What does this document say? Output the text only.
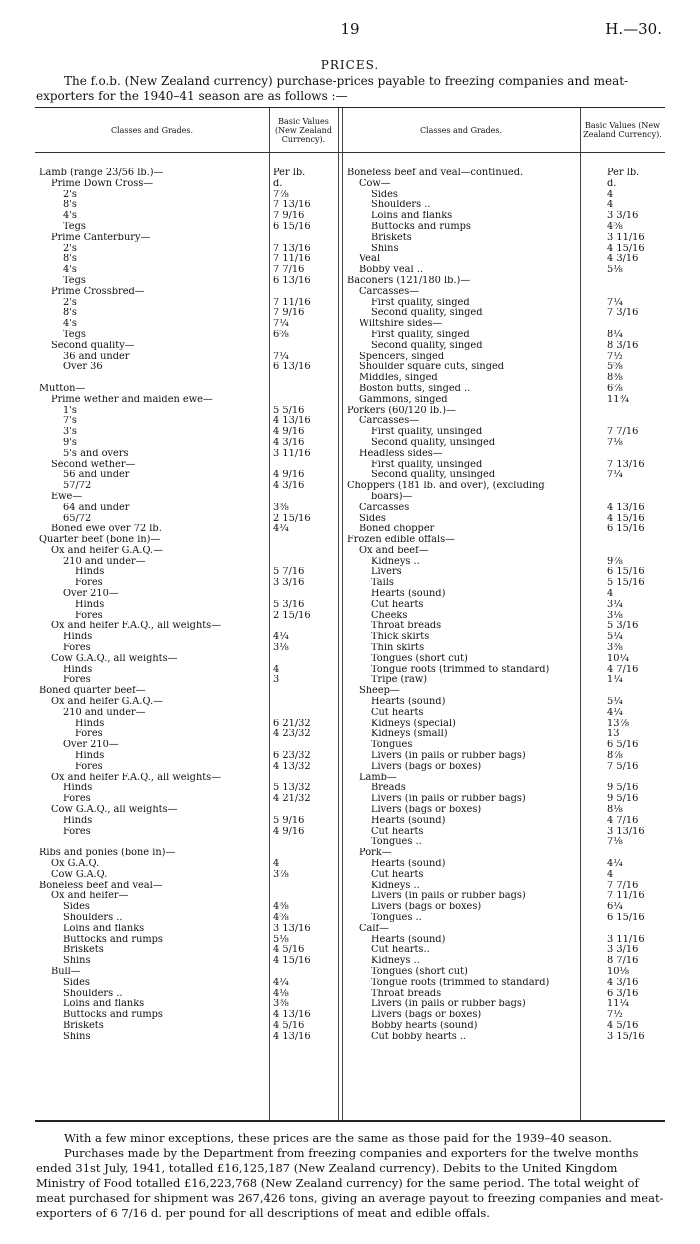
19	H.—30.
PRICES.
The f.o.b. (New Zealand currency) purchase-prices payable to freezing companies and meat-exporters for the 1940–41 season are as follows :—
Classes and Grades.
Basic Values (New Zealand Currency).
Classes and Grades.	Basic Values (New Zealand Currency).
Lamb (range 23/56 lb.)—
Prime Down Cross—
2's
8's
4's
Tegs
Prime Canterbury—
2's
8's
4's
Tegs
Prime Crossbred—
2's
8's
4's
Tegs
Second quality—
36 and under
Over 36
Mutton—
Prime wether and maiden ewe—
1's
7's
3's
9's
5's and overs
Second wether—
56 and under
57/72
Ewe—
64 and under
65/72
Boned ewe over 72 lb.
Quarter beef (bone in)—
Ox and heifer G.A.Q.—
210 and under—
Hinds
Fores
Over 210—
Hinds
Fores
Ox and heifer F.A.Q., all weights—
Hinds
Fores
Cow G.A.Q., all weights—
Hinds
Fores
Boned quarter beef—
Ox and heifer G.A.Q.—
210 and under—
Hinds
Fores
Over 210—
Hinds
Fores
Ox and heifer F.A.Q., all weights—
Hinds
Fores
Cow G.A.Q., all weights—
Hinds
Fores
Ribs and ponies (bone in)—
Ox G.A.Q.
Cow G.A.Q.
Boneless beef and veal—
Ox and heifer—
Sides
Shoulders ..
Loins and flanks
Buttocks and rumps
Briskets
Shins
Bull—
Sides
Shoulders ..
Loins and flanks
Buttocks and rumps
Briskets
Shins
Per lb.
d.
7⅞
7 13/16
7 9/16
6 15/16
7 13/16
7 11/16
7 7/16
6 13/16
7 11/16
7 9/16
7¼
6⅝
7¼
6 13/16
5 5/16
4 13/16
4 9/16
4 3/16
3 11/16
4 9/16
4 3/16
3⅜
2 15/16
4¼
5 7/16
3 3/16
5 3/16
2 15/16
4¼
3⅛
4
3
6 21/32
4 23/32
6 23/32
4 13/32
5 13/32
4 21/32
5 9/16
4 9/16
4
3⅞
4⅜
4⅝
3 13/16
5⅛
4 5/16
4 15/16
4¼
4⅛
3⅜
4 13/16
4 5/16
4 13/16
Boneless beef and veal—continued.
Cow—
Sides
Shoulders ..
Loins and flanks
Buttocks and rumps
Briskets
Shins
Veal
Bobby veal ..
Baconers (121/180 lb.)—
Carcasses—
First quality, singed
Second quality, singed
Wiltshire sides—
First quality, singed
Second quality, singed
Spencers, singed
Shoulder square cuts, singed
Middles, singed
Boston butts, singed ..
Gammons, singed
Porkers (60/120 lb.)—
Carcasses—
First quality, unsinged
Second quality, unsinged
Headless sides—
First quality, unsinged
Second quality, unsinged
Choppers (181 lb. and over), (excluding
boars)—
Carcasses
Sides
Boned chopper
Frozen edible offals—
Ox and beef—
Kidneys ..
Livers
Tails
Hearts (sound)
Cut hearts
Cheeks
Throat breads
Thick skirts
Thin skirts
Tongues (short cut)
Tongue roots (trimmed to standard)
Tripe (raw)
Sheep—
Hearts (sound)
Cut hearts
Kidneys (special)
Kidneys (small)
Tongues
Livers (in pails or rubber bags)
Livers (bags or boxes)
Lamb—
Breads
Livers (in pails or rubber bags)
Livers (bags or boxes)
Hearts (sound)
Cut hearts
Tongues ..
Pork—
Hearts (sound)
Cut hearts
Kidneys ..
Livers (in pails or rubber bags)
Livers (bags or boxes)
Tongues ..
Calf—
Hearts (sound)
Cut hearts..
Kidneys ..
Tongues (short cut)
Tongue roots (trimmed to standard)
Throat breads
Livers (in pails or rubber bags)
Livers (bags or boxes)
Bobby hearts (sound)
Cut bobby hearts ..
Per lb.
d.
4
4
3 3/16
4⅝
3 11/16
4 15/16
4 3/16
5⅛
7¼
7 3/16
8¼
8 3/16
7½
5⅝
8⅜
6⅞
11¾
7 7/16
7⅛
7 13/16
7¼
4 13/16
4 15/16
6 15/16
9⅞
6 15/16
5 15/16
4
3¼
3⅛
5 3/16
5¼
3⅜
10¼
4 7/16
1¼
5¼
4¼
13⅞
13
6 5/16
8⅞
7 5/16
9 5/16
9 5/16
8⅛
4 7/16
3 13/16
7⅛
4¼
4
7 7/16
7 11/16
6¼
6 15/16
3 11/16
3 3/16
8 7/16
10⅛
4 3/16
6 3/16
11¼
7½
4 5/16
3 15/16

With a few minor exceptions, these prices are the same as those paid for the 1939–40 season.

Purchases made by the Department from freezing companies and exporters for the twelve months ended 31st July, 1941, totalled £16,125,187 (New Zealand currency). Debits to the United Kingdom Ministry of Food totalled £16,223,768 (New Zealand currency) for the same period. The total weight of meat purchased for shipment was 267,426 tons, giving an average payout to freezing companies and meat-exporters of 6 7/16 d. per pound for all descriptions of meat and edible offals.
